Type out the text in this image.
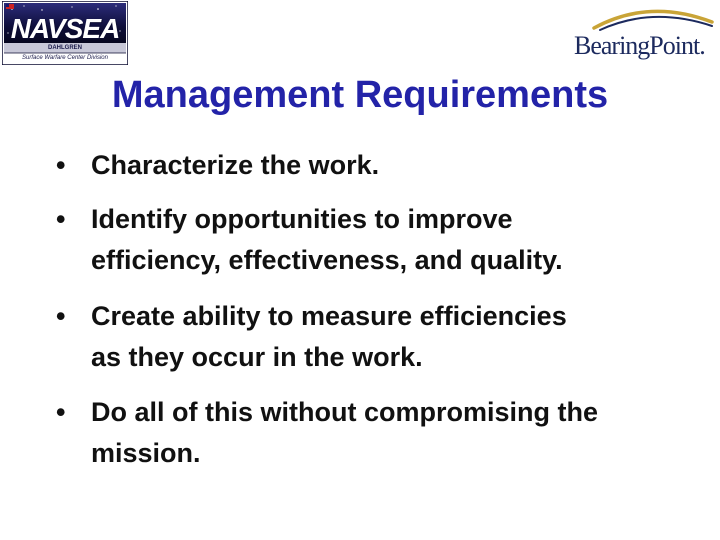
NAVSEA
DAHLGREN
Surface Warfare Center Division	BearingPoint.
Management Requirements
• Characterize the work.
• Identify opportunities to improve
efficiency, effectiveness, and quality.
• Create ability to measure efficiencies
as they occur in the work.
• Do all of this without compromising the
mission.
